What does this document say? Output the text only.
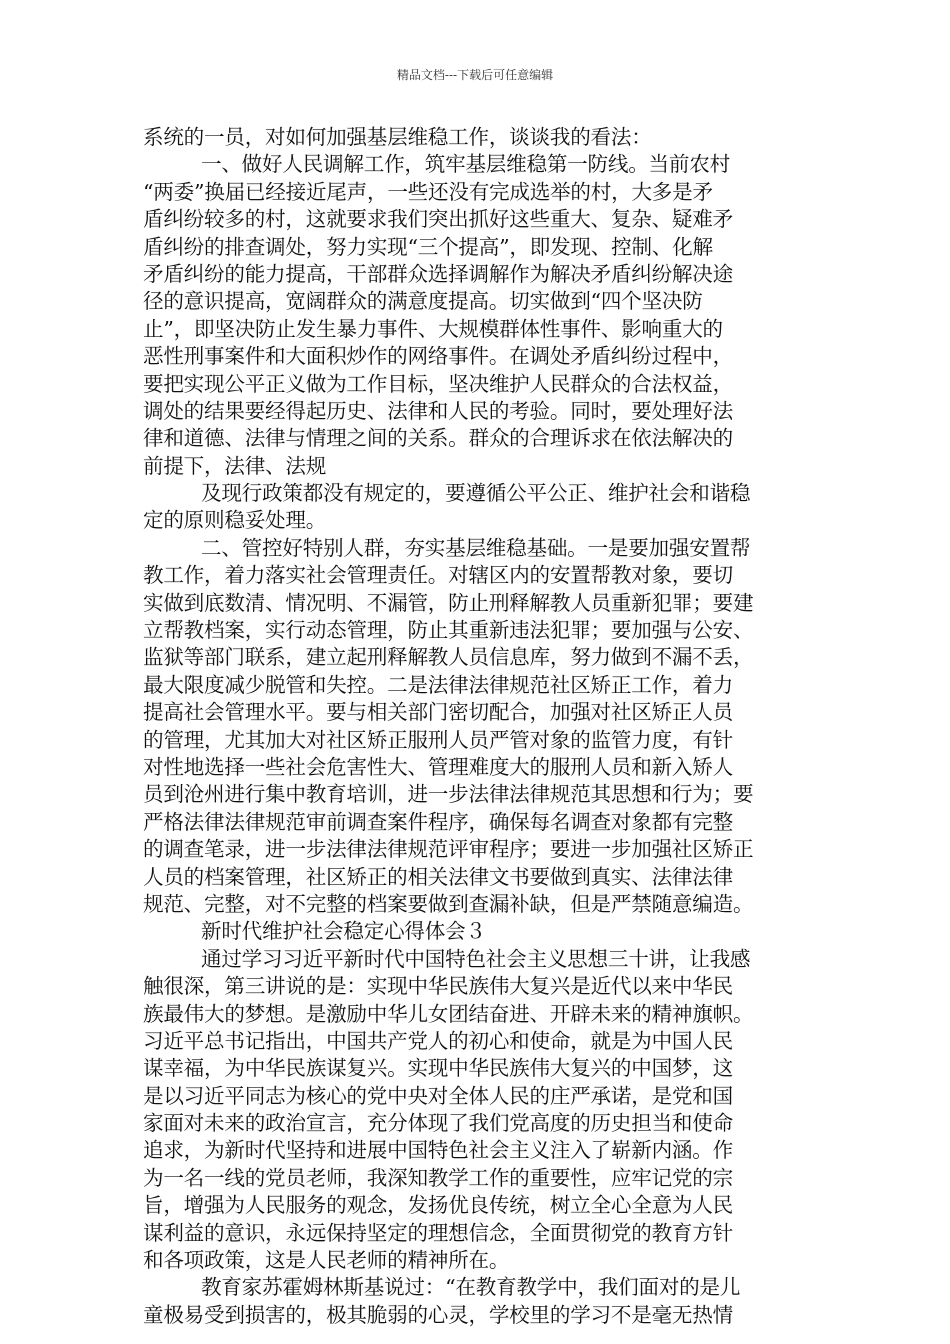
精品文档---下载后可任意编辑
系统的一员，对如何加强基层维稳工作，谈谈我的看法：
一、做好人民调解工作，筑牢基层维稳第一防线。当前农村
“两委”换届已经接近尾声，一些还没有完成选举的村，大多是矛
盾纠纷较多的村，这就要求我们突出抓好这些重大、复杂、疑难矛
盾纠纷的排查调处，努力实现“三个提高”，即发现、控制、化解
矛盾纠纷的能力提高，干部群众选择调解作为解决矛盾纠纷解决途
径的意识提高，宽阔群众的满意度提高。切实做到“四个坚决防
止”，即坚决防止发生暴力事件、大规模群体性事件、影响重大的
恶性刑事案件和大面积炒作的网络事件。在调处矛盾纠纷过程中，
要把实现公平正义做为工作目标，坚决维护人民群众的合法权益，
调处的结果要经得起历史、法律和人民的考验。同时，要处理好法
律和道德、法律与情理之间的关系。群众的合理诉求在依法解决的
前提下，法律、法规
及现行政策都没有规定的，要遵循公平公正、维护社会和谐稳
定的原则稳妥处理。
二、管控好特别人群，夯实基层维稳基础。一是要加强安置帮
教工作，着力落实社会管理责任。对辖区内的安置帮教对象，要切
实做到底数清、情况明、不漏管，防止刑释解教人员重新犯罪；要建
立帮教档案，实行动态管理，防止其重新违法犯罪；要加强与公安、
监狱等部门联系，建立起刑释解教人员信息库，努力做到不漏不丢，
最大限度减少脱管和失控。二是法律法律规范社区矫正工作，着力
提高社会管理水平。要与相关部门密切配合，加强对社区矫正人员
的管理，尤其加大对社区矫正服刑人员严管对象的监管力度，有针
对性地选择一些社会危害性大、管理难度大的服刑人员和新入矫人
员到沧州进行集中教育培训，进一步法律法律规范其思想和行为；要
严格法律法律规范审前调查案件程序，确保每名调查对象都有完整
的调查笔录，进一步法律法律规范评审程序；要进一步加强社区矫正
人员的档案管理，社区矫正的相关法律文书要做到真实、法律法律
规范、完整，对不完整的档案要做到查漏补缺，但是严禁随意编造。
新时代维护社会稳定心得体会３
通过学习习近平新时代中国特色社会主义思想三十讲，让我感
触很深，第三讲说的是：实现中华民族伟大复兴是近代以来中华民
族最伟大的梦想。是激励中华儿女团结奋进、开辟未来的精神旗帜。
习近平总书记指出，中国共产党人的初心和使命，就是为中国人民
谋幸福，为中华民族谋复兴。实现中华民族伟大复兴的中国梦，这
是以习近平同志为核心的党中央对全体人民的庄严承诺，是党和国
家面对未来的政治宣言，充分体现了我们党高度的历史担当和使命
追求，为新时代坚持和进展中国特色社会主义注入了崭新内涵。作
为一名一线的党员老师，我深知教学工作的重要性，应牢记党的宗
旨，增强为人民服务的观念，发扬优良传统，树立全心全意为人民
谋利益的意识，永远保持坚定的理想信念，全面贯彻党的教育方针
和各项政策，这是人民老师的精神所在。
教育家苏霍姆林斯基说过：“在教育教学中，我们面对的是儿
童极易受到损害的，极其脆弱的心灵，学校里的学习不是毫无热情
